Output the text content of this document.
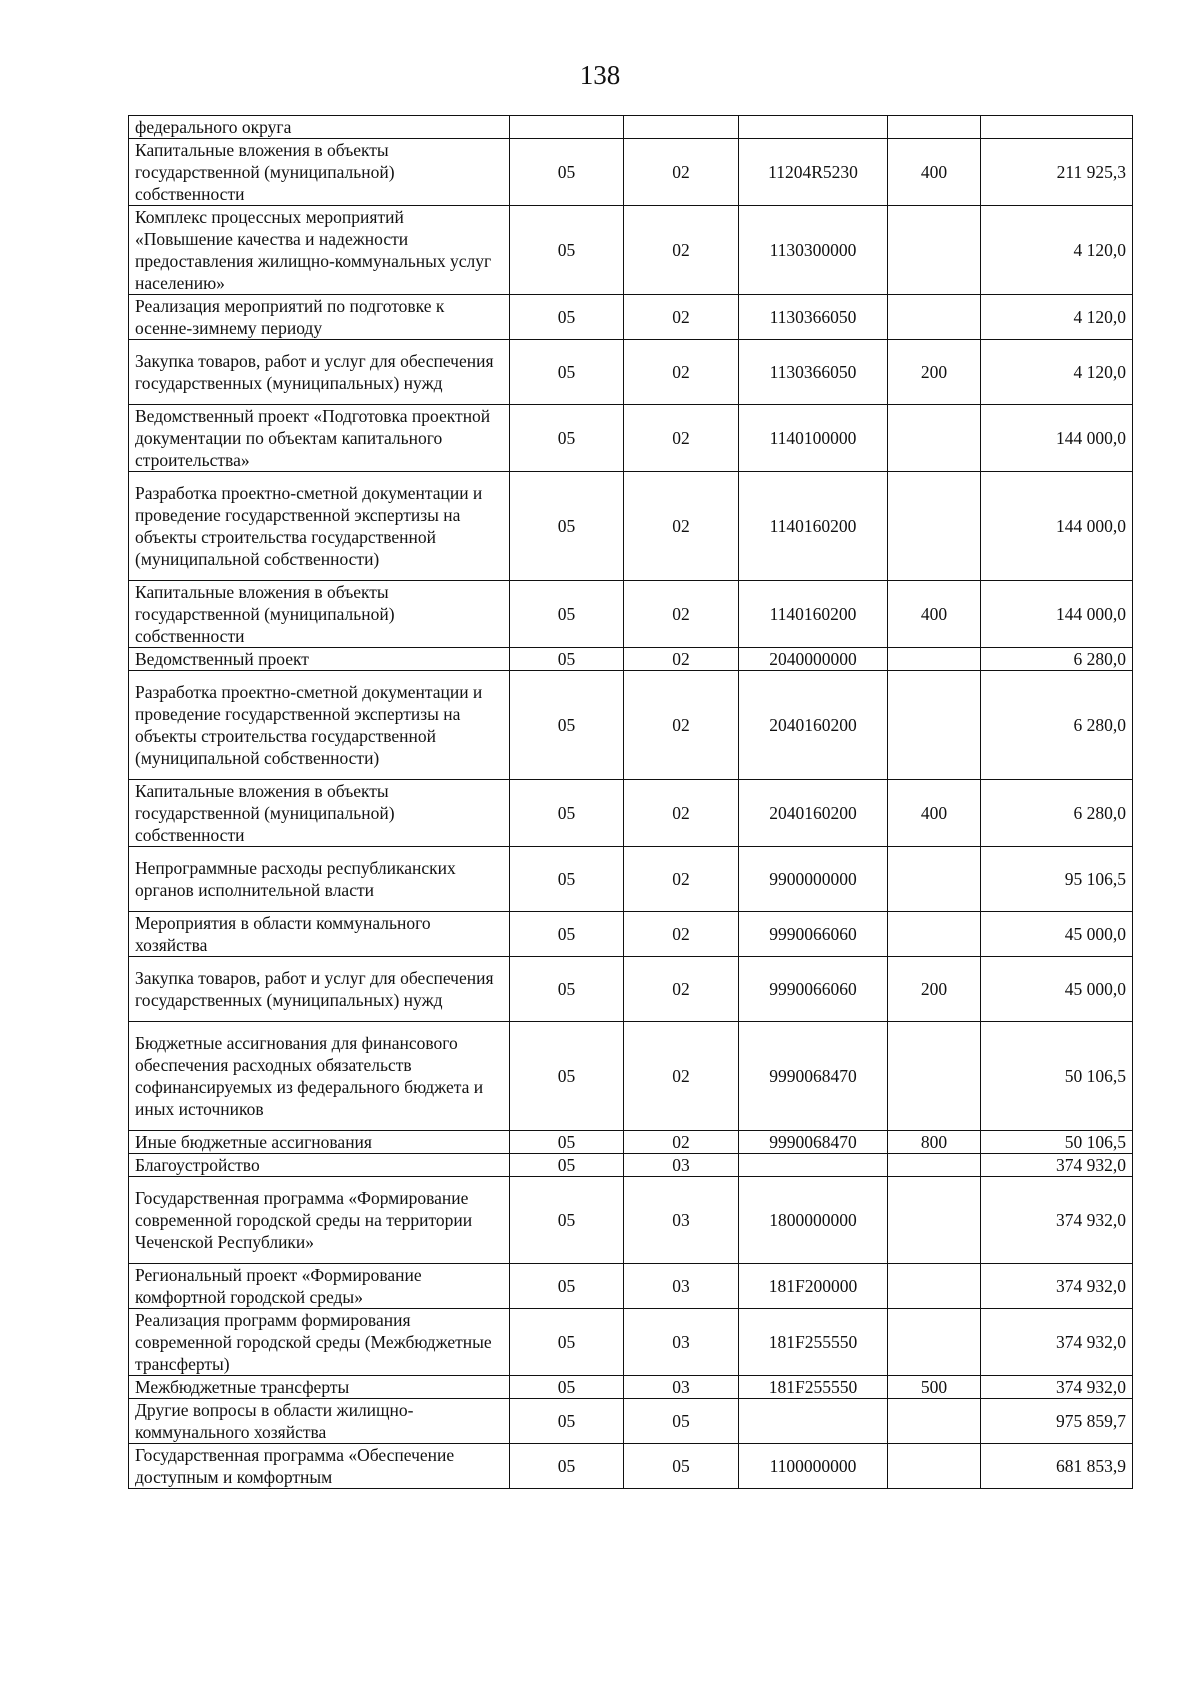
138
федерального округа					
Капитальные вложения в объекты государственной (муниципальной) собственности	05	02	11204R5230	400	211 925,3
Комплекс процессных мероприятий «Повышение качества и надежности предоставления жилищно-коммунальных услуг населению»	05	02	1130300000		4 120,0
Реализация мероприятий по подготовке к осенне-зимнему периоду	05	02	1130366050		4 120,0
Закупка товаров, работ и услуг для обеспечения государственных (муниципальных) нужд	05	02	1130366050	200	4 120,0
Ведомственный проект «Подготовка проектной документации по объектам капитального строительства»	05	02	1140100000		144 000,0
Разработка проектно-сметной документации и проведение государственной экспертизы на объекты строительства государственной (муниципальной собственности)	05	02	1140160200		144 000,0
Капитальные вложения в объекты государственной (муниципальной) собственности	05	02	1140160200	400	144 000,0
Ведомственный проект	05	02	2040000000		6 280,0
Разработка проектно-сметной документации и проведение государственной экспертизы на объекты строительства государственной (муниципальной собственности)	05	02	2040160200		6 280,0
Капитальные вложения в объекты государственной (муниципальной) собственности	05	02	2040160200	400	6 280,0
Непрограммные расходы республиканских органов исполнительной власти	05	02	9900000000		95 106,5
Мероприятия в области коммунального хозяйства	05	02	9990066060		45 000,0
Закупка товаров, работ и услуг для обеспечения государственных (муниципальных) нужд	05	02	9990066060	200	45 000,0
Бюджетные ассигнования для финансового обеспечения расходных обязательств софинансируемых из федерального бюджета и иных источников	05	02	9990068470		50 106,5
Иные бюджетные ассигнования	05	02	9990068470	800	50 106,5
Благоустройство	05	03			374 932,0
Государственная программа «Формирование современной городской среды на территории Чеченской Республики»	05	03	1800000000		374 932,0
Региональный проект «Формирование комфортной городской среды»	05	03	181F200000		374 932,0
Реализация программ формирования современной городской среды (Межбюджетные трансферты)	05	03	181F255550		374 932,0
Межбюджетные трансферты	05	03	181F255550	500	374 932,0
Другие вопросы в области жилищно-коммунального хозяйства	05	05			975 859,7
Государственная программа «Обеспечение доступным и комфортным	05	05	1100000000		681 853,9
